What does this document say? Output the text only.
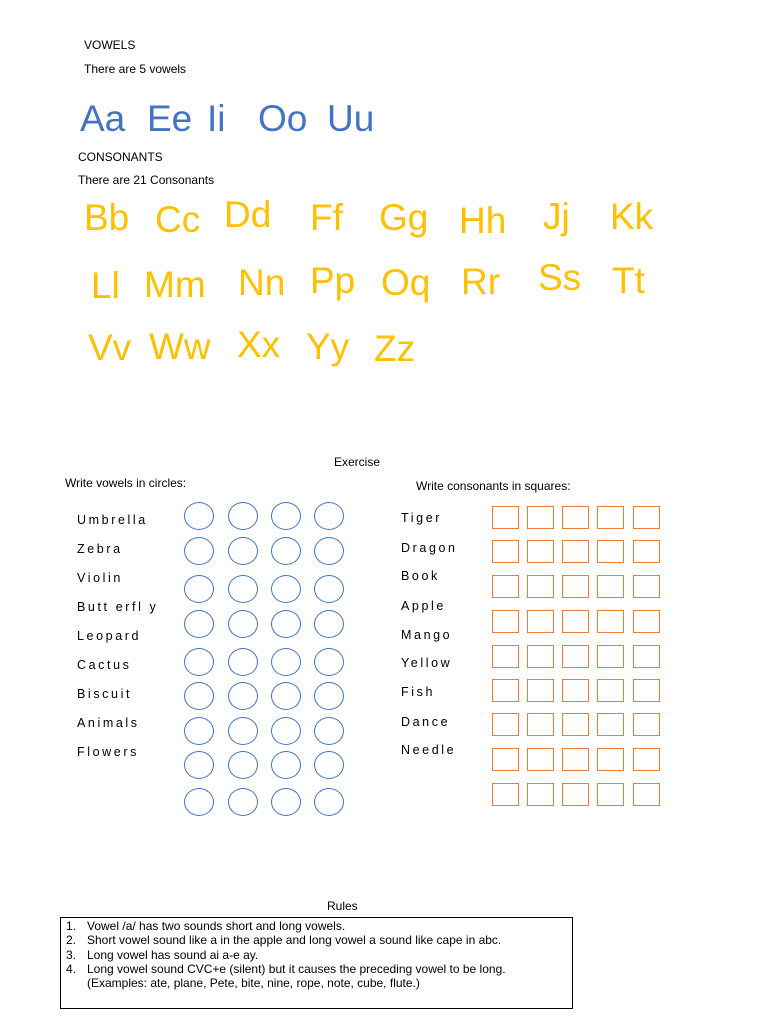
VOWELS
There are 5 vowels
Aa Ee Ii Oo Uu
CONSONANTS
There are 21 Consonants
Bb Cc Dd Ff Gg Hh Jj Kk
Ll Mm Nn Pp Oq Rr Ss Tt
Vv Ww Xx Yy Zz
Exercise
Write vowels in circles:	Write consonants in squares:
Umbrella
Zebra
Violin
Butt erfl y
Leopard
Cactus
Biscuit
Animals
Flowers
Tiger
Dragon
Book
Apple
Mango
Yellow
Fish
Dance
Needle
Rules
1. Vowel /a/ has two sounds short and long vowels.
2. Short vowel sound like a in the apple and long vowel a sound like cape in abc.
3. Long vowel has sound ai a-e ay.
4. Long vowel sound CVC+e (silent) but it causes the preceding vowel to be long.
(Examples: ate, plane, Pete, bite, nine, rope, note, cube, flute.)
